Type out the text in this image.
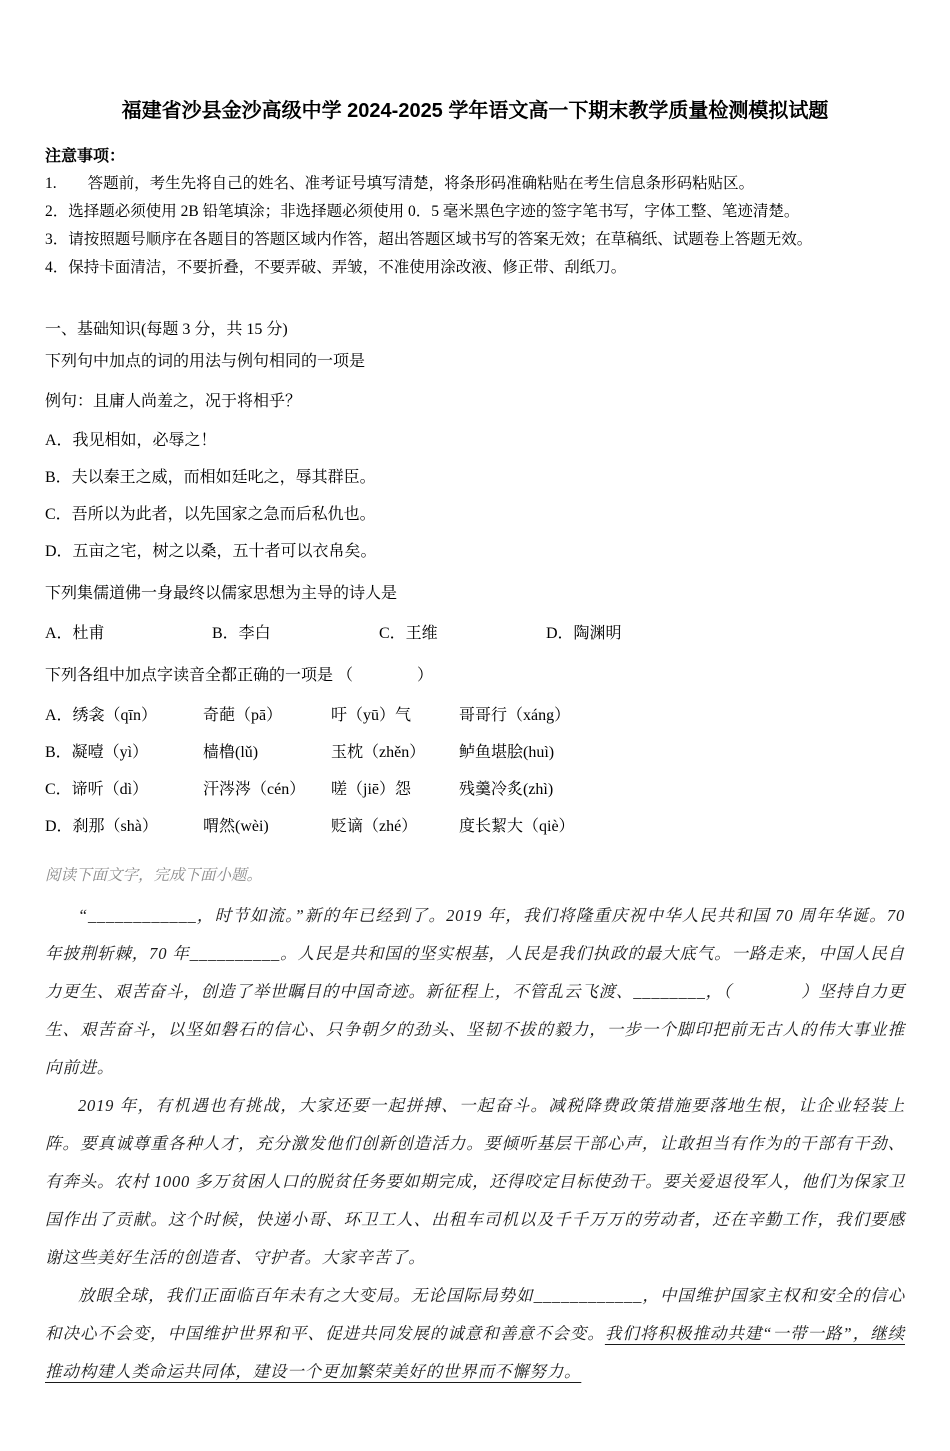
福建省沙县金沙高级中学 2024-2025 学年语文高一下期末教学质量检测模拟试题
注意事项：
1.　　答题前，考生先将自己的姓名、准考证号填写清楚，将条形码准确粘贴在考生信息条形码粘贴区。
2．选择题必须使用 2B 铅笔填涂；非选择题必须使用 0．5 毫米黑色字迹的签字笔书写，字体工整、笔迹清楚。
3．请按照题号顺序在各题目的答题区域内作答，超出答题区域书写的答案无效；在草稿纸、试题卷上答题无效。
4．保持卡面清洁，不要折叠，不要弄破、弄皱，不准使用涂改液、修正带、刮纸刀。
一、基础知识(每题 3 分，共 15 分)
下列句中加点的词的用法与例句相同的一项是
例句：且庸人尚羞之，况于将相乎？
A．我见相如，必辱之！
B．夫以秦王之威，而相如廷叱之，辱其群臣。
C．吾所以为此者，以先国家之急而后私仇也。
D．五亩之宅，树之以桑，五十者可以衣帛矣。
下列集儒道佛一身最终以儒家思想为主导的诗人是
A．杜甫	B．李白	C．王维	D．陶渊明
下列各组中加点字读音全都正确的一项是 （　　　　）
A．绣衾（qīn）	奇葩（pā）	吁（yū）气	哥哥行（xáng）
B．凝噎（yì）	樯橹(lǔ)	玉枕（zhěn）	鲈鱼堪脍(huì)
C．谛听（dì）	汗涔涔（cén）	嗟（jiē）怨	残羹冷炙(zhì)
D．刹那（shà）	喟然(wèi)	贬谪（zhé）	度长絜大（qiè）
阅读下面文字，完成下面小题。

“____________，时节如流。”新的年已经到了。2019 年，我们将隆重庆祝中华人民共和国 70 周年华诞。70 年披荆斩棘，70 年__________。人民是共和国的坚实根基，人民是我们执政的最大底气。一路走来，中国人民自力更生、艰苦奋斗，创造了举世瞩目的中国奇迹。新征程上，不管乱云飞渡、________，（　　　　）坚持自力更生、艰苦奋斗，以坚如磐石的信心、只争朝夕的劲头、坚韧不拔的毅力，一步一个脚印把前无古人的伟大事业推向前进。

2019 年，有机遇也有挑战，大家还要一起拼搏、一起奋斗。减税降费政策措施要落地生根，让企业轻装上阵。要真诚尊重各种人才，充分激发他们创新创造活力。要倾听基层干部心声，让敢担当有作为的干部有干劲、有奔头。农村 1000 多万贫困人口的脱贫任务要如期完成，还得咬定目标使劲干。要关爱退役军人，他们为保家卫国作出了贡献。这个时候，快递小哥、环卫工人、出租车司机以及千千万万的劳动者，还在辛勤工作，我们要感谢这些美好生活的创造者、守护者。大家辛苦了。

放眼全球，我们正面临百年未有之大变局。无论国际局势如____________，中国维护国家主权和安全的信心和决心不会变，中国维护世界和平、促进共同发展的诚意和善意不会变。我们将积极推动共建“一带一路”，继续推动构建人类命运共同体，建设一个更加繁荣美好的世界而不懈努力。
